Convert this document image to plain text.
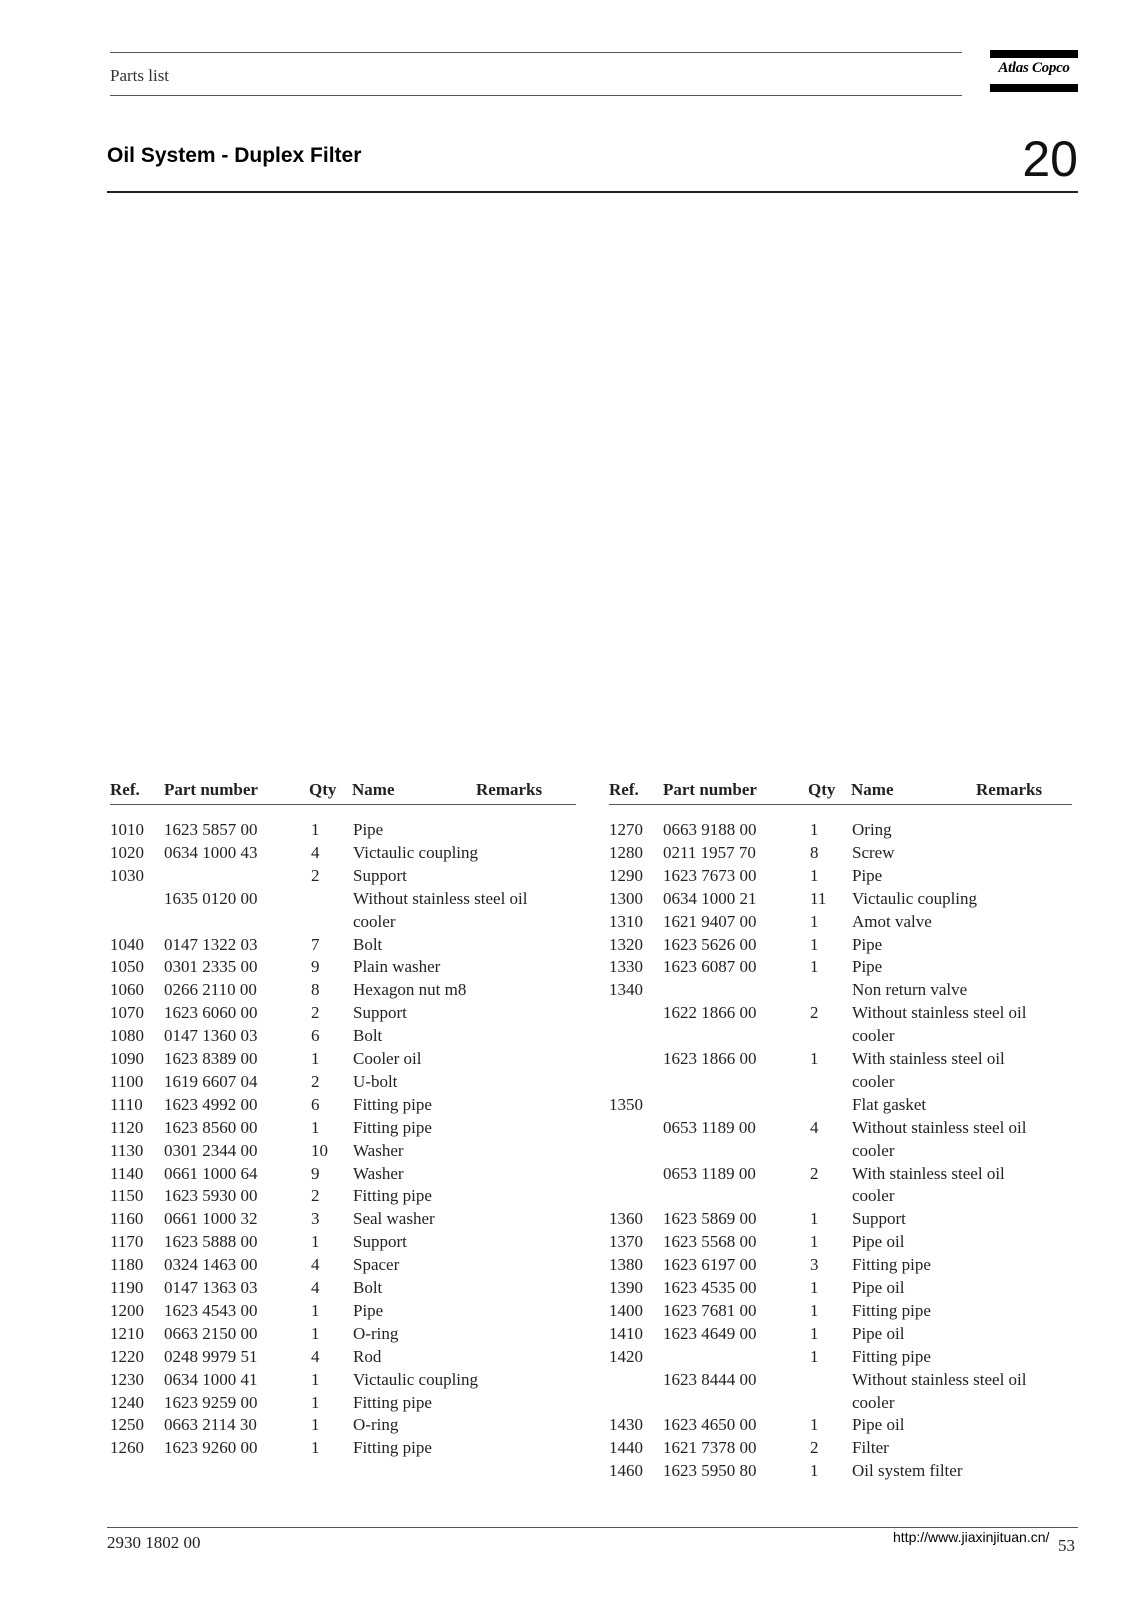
Parts list	Atlas Copco
Oil System - Duplex Filter	20
Ref. Part number	Qty Name	Remarks
1010 1623 5857 00	1 Pipe
1020 0634 1000 43	4 Victaulic coupling
1030	2 Support
1635 0120 00	Without stainless steel oil
cooler
1040 0147 1322 03	7 Bolt
1050 0301 2335 00	9 Plain washer
1060 0266 2110 00	8 Hexagon nut m8
1070 1623 6060 00	2 Support
1080 0147 1360 03	6 Bolt
1090 1623 8389 00	1 Cooler oil
1100 1619 6607 04	2 U-bolt
1110 1623 4992 00	6 Fitting pipe
1120 1623 8560 00	1 Fitting pipe
1130 0301 2344 00	10 Washer
1140 0661 1000 64	9 Washer
1150 1623 5930 00	2 Fitting pipe
1160 0661 1000 32	3 Seal washer
1170 1623 5888 00	1 Support
1180 0324 1463 00	4 Spacer
1190 0147 1363 03	4 Bolt
1200 1623 4543 00	1 Pipe
1210 0663 2150 00	1 O-ring
1220 0248 9979 51	4 Rod
1230 0634 1000 41	1 Victaulic coupling
1240 1623 9259 00	1 Fitting pipe
1250 0663 2114 30	1 O-ring
1260 1623 9260 00	1 Fitting pipe
Ref. Part number	Qty Name	Remarks
1270 0663 9188 00	1 Oring
1280 0211 1957 70	8 Screw
1290 1623 7673 00	1 Pipe
1300 0634 1000 21	11 Victaulic coupling
1310 1621 9407 00	1 Amot valve
1320 1623 5626 00	1 Pipe
1330 1623 6087 00	1 Pipe
1340	Non return valve
1622 1866 00	2 Without stainless steel oil
cooler
1623 1866 00	1 With stainless steel oil
cooler
1350	Flat gasket
0653 1189 00	4 Without stainless steel oil
cooler
0653 1189 00	2 With stainless steel oil
cooler
1360 1623 5869 00	1 Support
1370 1623 5568 00	1 Pipe oil
1380 1623 6197 00	3 Fitting pipe
1390 1623 4535 00	1 Pipe oil
1400 1623 7681 00	1 Fitting pipe
1410 1623 4649 00	1 Pipe oil
1420	1 Fitting pipe
1623 8444 00	Without stainless steel oil
cooler
1430 1623 4650 00	1 Pipe oil
1440 1621 7378 00	2 Filter
1460 1623 5950 80	1 Oil system filter
2930 1802 00	http://www.jiaxinjituan.cn/ 53
